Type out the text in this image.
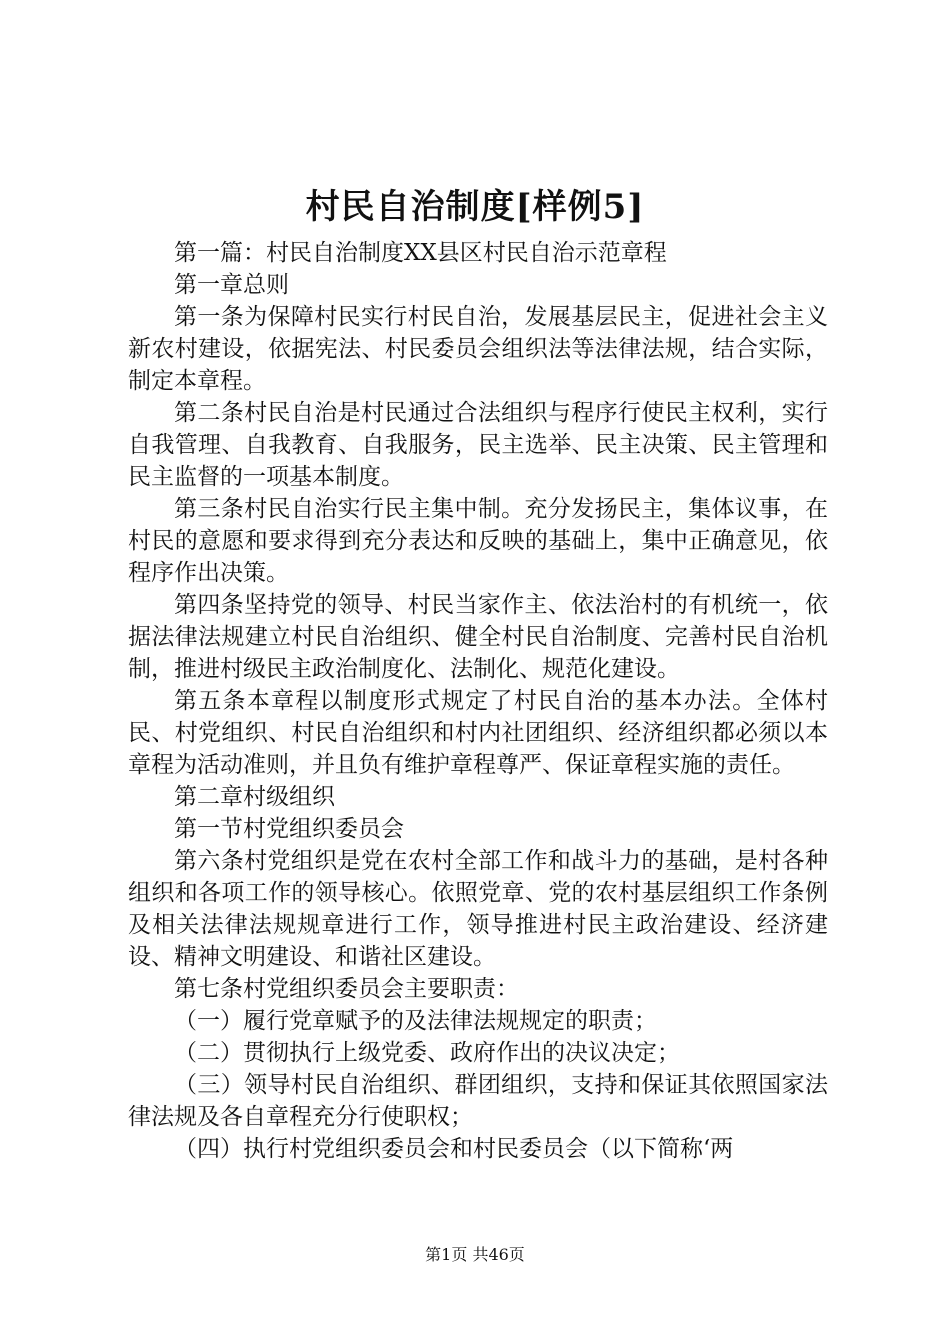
村民自治制度[样例5]

第一篇：村民自治制度XX县区村民自治示范章程

第一章总则

第一条为保障村民实行村民自治，发展基层民主，促进社会主义新农村建设，依据宪法、村民委员会组织法等法律法规，结合实际，制定本章程。

第二条村民自治是村民通过合法组织与程序行使民主权利，实行自我管理、自我教育、自我服务，民主选举、民主决策、民主管理和民主监督的一项基本制度。

第三条村民自治实行民主集中制。充分发扬民主，集体议事，在村民的意愿和要求得到充分表达和反映的基础上，集中正确意见，依程序作出决策。

第四条坚持党的领导、村民当家作主、依法治村的有机统一，依据法律法规建立村民自治组织、健全村民自治制度、完善村民自治机制，推进村级民主政治制度化、法制化、规范化建设。

第五条本章程以制度形式规定了村民自治的基本办法。全体村民、村党组织、村民自治组织和村内社团组织、经济组织都必须以本章程为活动准则，并且负有维护章程尊严、保证章程实施的责任。

第二章村级组织

第一节村党组织委员会

第六条村党组织是党在农村全部工作和战斗力的基础，是村各种组织和各项工作的领导核心。依照党章、党的农村基层组织工作条例及相关法律法规规章进行工作，领导推进村民主政治建设、经济建设、精神文明建设、和谐社区建设。

第七条村党组织委员会主要职责：

（一）履行党章赋予的及法律法规规定的职责；

（二）贯彻执行上级党委、政府作出的决议决定；

（三）领导村民自治组织、群团组织，支持和保证其依照国家法律法规及各自章程充分行使职权；

（四）执行村党组织委员会和村民委员会（以下简称‘两

第1页 共46页
